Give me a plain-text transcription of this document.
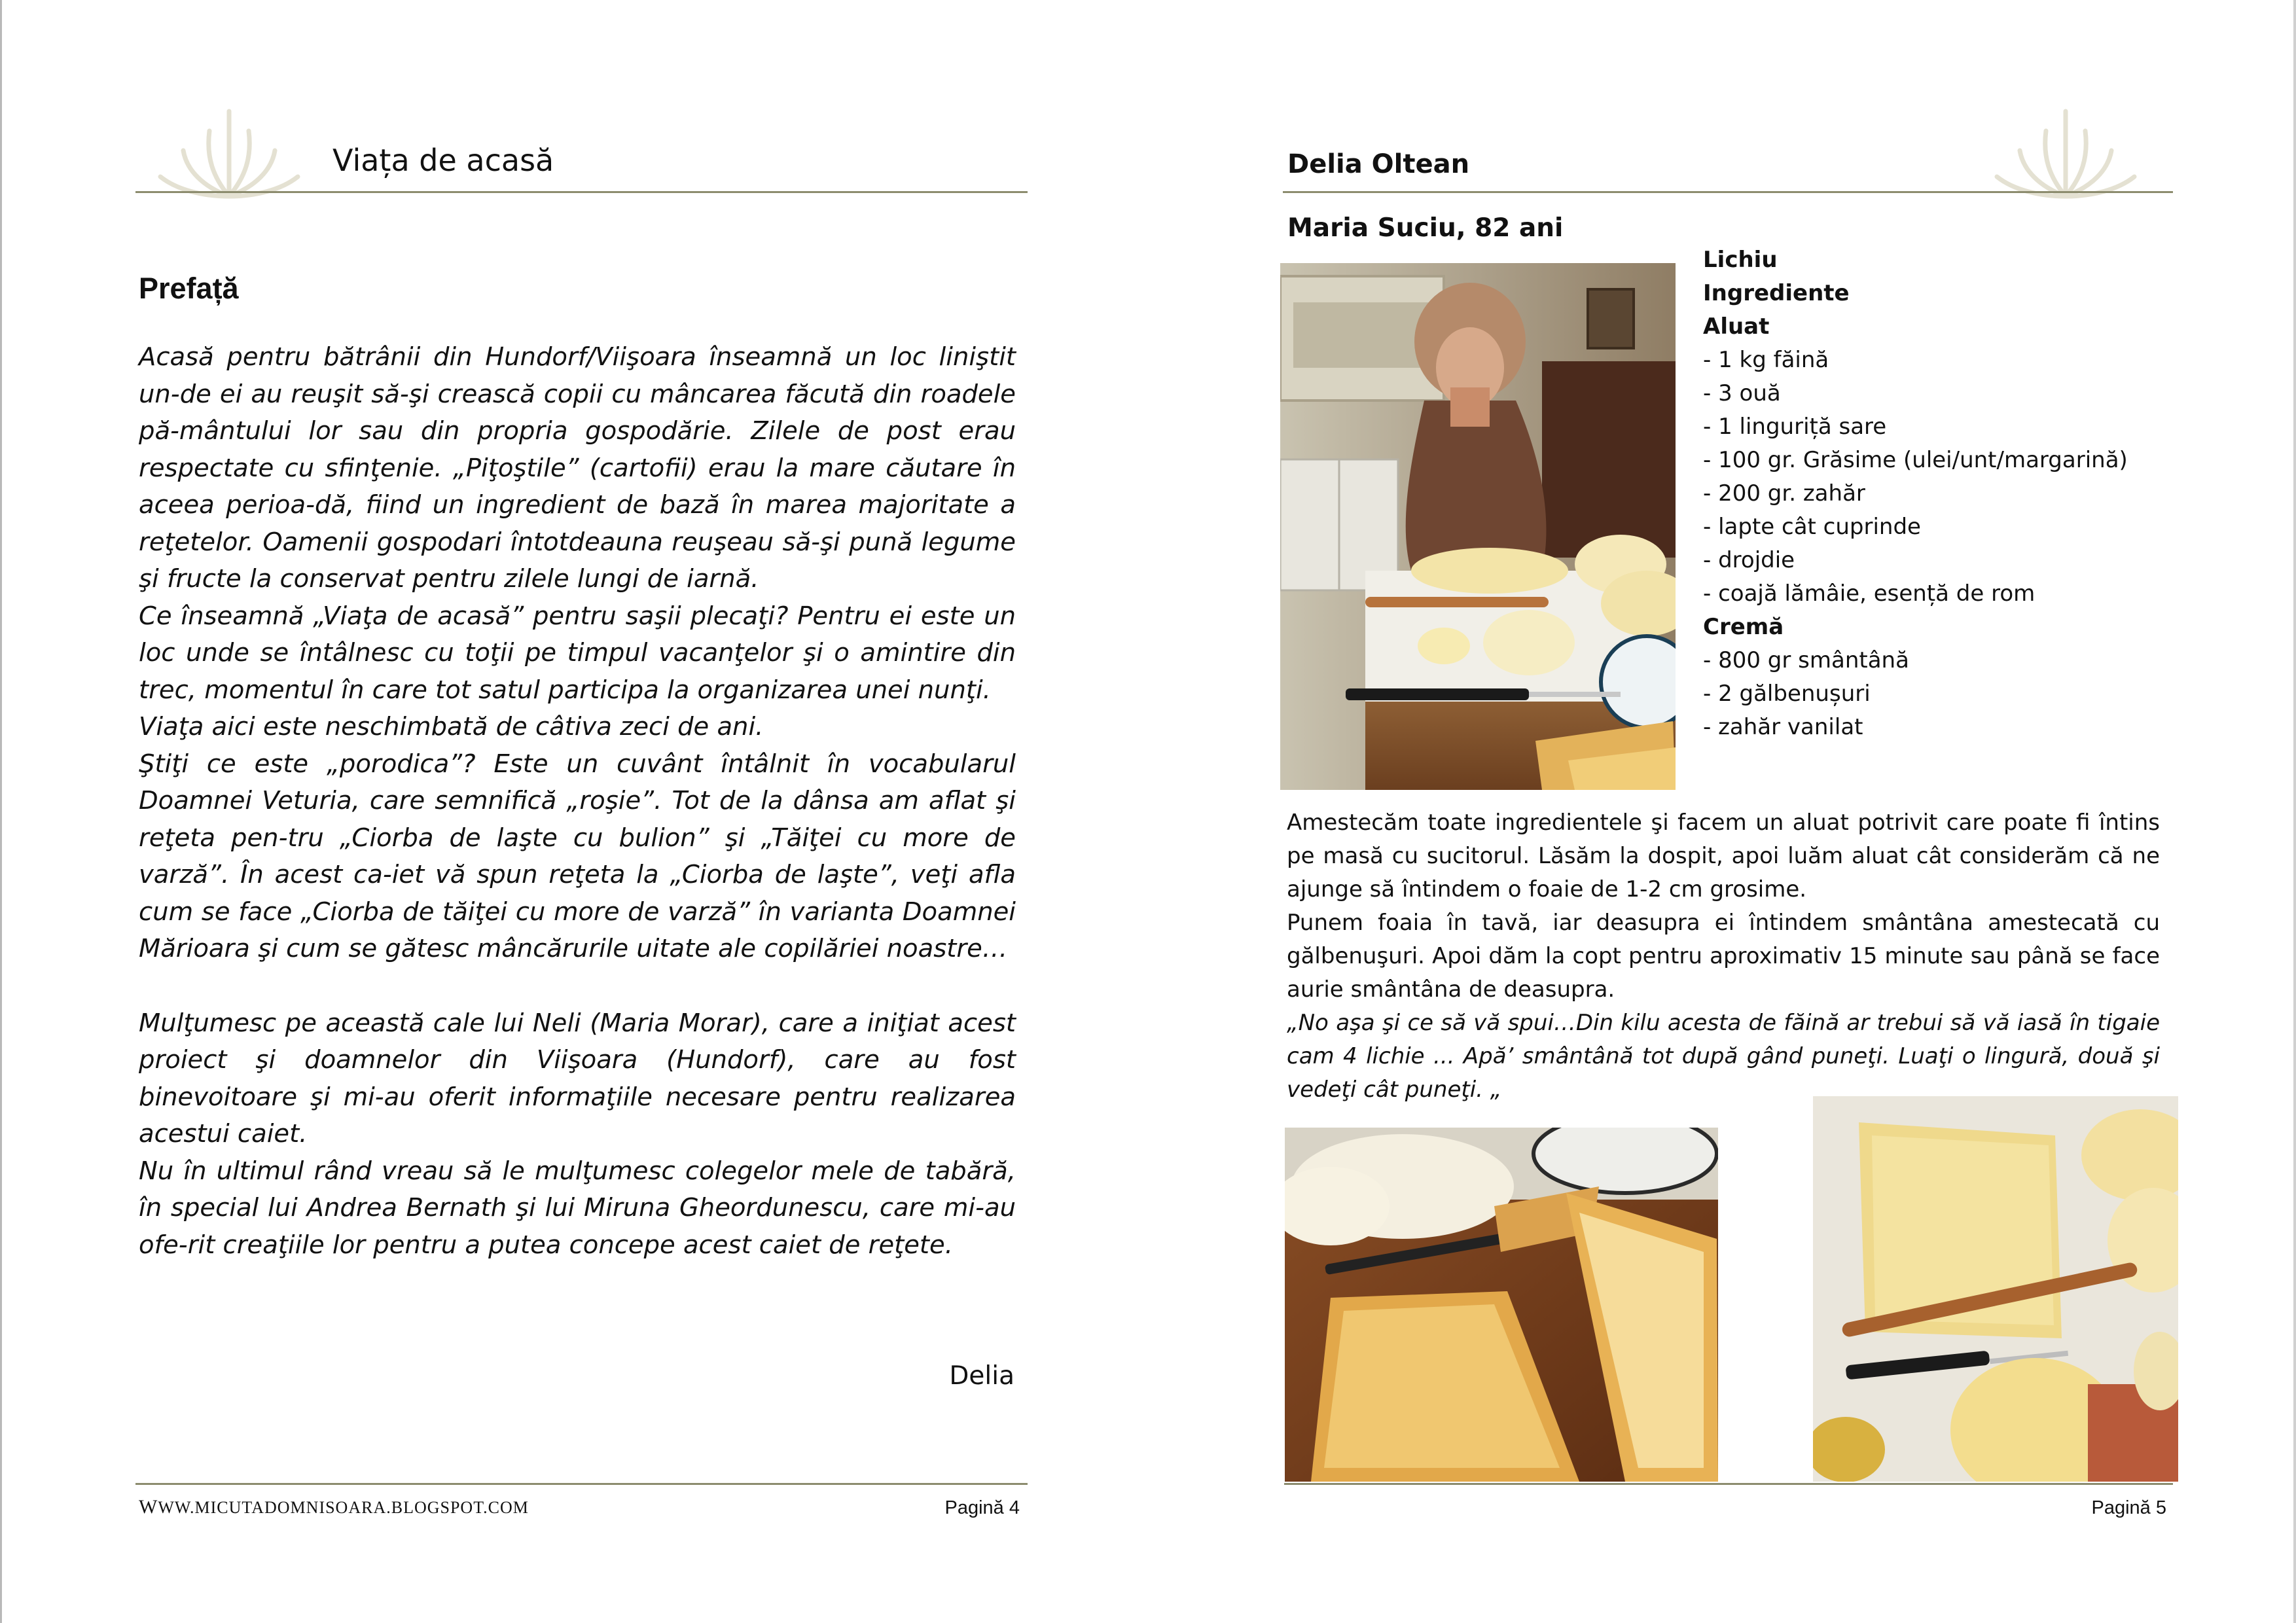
Viața de acasă
Prefață

Acasă pentru bătrânii din Hundorf/Viişoara înseamnă un loc liniştit un-de ei au reuşit să-şi crească copii cu mâncarea făcută din roadele pă-mântului lor sau din propria gospodărie. Zilele de post erau respectate cu sfinţenie. „Piţoştile” (cartofii) erau la mare căutare în aceea perioa-dă, fiind un ingredient de bază în marea majoritate a reţetelor. Oamenii gospodari întotdeauna reuşeau să-şi pună legume şi fructe la conservat pentru zilele lungi de iarnă.

Ce înseamnă „Viaţa de acasă” pentru saşii plecaţi? Pentru ei este un loc unde se întâlnesc cu toţii pe timpul vacanţelor şi o amintire din trec, momentul în care tot satul participa la organizarea unei nunţi.

Viaţa aici este neschimbată de câtiva zeci de ani.

Ştiţi ce este „porodica”? Este un cuvânt întâlnit în vocabularul Doamnei Veturia, care semnifică „roşie”. Tot de la dânsa am aflat şi reţeta pen-tru „Ciorba de laşte cu bulion” şi „Tăiţei cu more de varză”. În acest ca-iet vă spun reţeta la „Ciorba de laşte”, veţi afla cum se face „Ciorba de tăiţei cu more de varză” în varianta Doamnei Mărioara şi cum se gătesc mâncărurile uitate ale copilăriei noastre…

Mulţumesc pe această cale lui Neli (Maria Morar), care a iniţiat acest proiect şi doamnelor din Viişoara (Hundorf), care au fost binevoitoare şi mi-au oferit informaţiile necesare pentru realizarea acestui caiet.

Nu în ultimul rând vreau să le mulţumesc colegelor mele de tabără, în special lui Andrea Bernath şi lui Miruna Gheordunescu, care mi-au ofe-rit creaţiile lor pentru a putea concepe acest caiet de reţete.

Delia
WWW.MICUTADOMNISOARA.BLOGSPOT.COM	Pagină 4
Delia Oltean
Maria Suciu, 82 ani
Lichiu
Ingrediente
Aluat
- 1 kg făină
- 3 ouă
- 1 linguriță sare
- 100 gr. Grăsime (ulei/unt/margarină)
- 200 gr. zahăr
- lapte cât cuprinde
- drojdie
- coajă lămâie, esență de rom
Cremă
- 800 gr smântână
- 2 gălbenușuri
- zahăr vanilat

Amestecăm toate ingredientele şi facem un aluat potrivit care poate fi întins pe masă cu sucitorul. Lăsăm la dospit, apoi luăm aluat cât considerăm că ne ajunge să întindem o foaie de 1-2 cm grosime.

Punem foaia în tavă, iar deasupra ei întindem smântâna amestecată cu gălbenuşuri. Apoi dăm la copt pentru aproximativ 15 minute sau până se face aurie smântâna de deasupra.

„No aşa şi ce să vă spui…Din kilu acesta de făină ar trebui să vă iasă în tigaie cam 4 lichie ... Apă’ smântână tot după gând puneţi. Luaţi o lingură, două şi vedeţi cât puneţi. „

Pagină 5
